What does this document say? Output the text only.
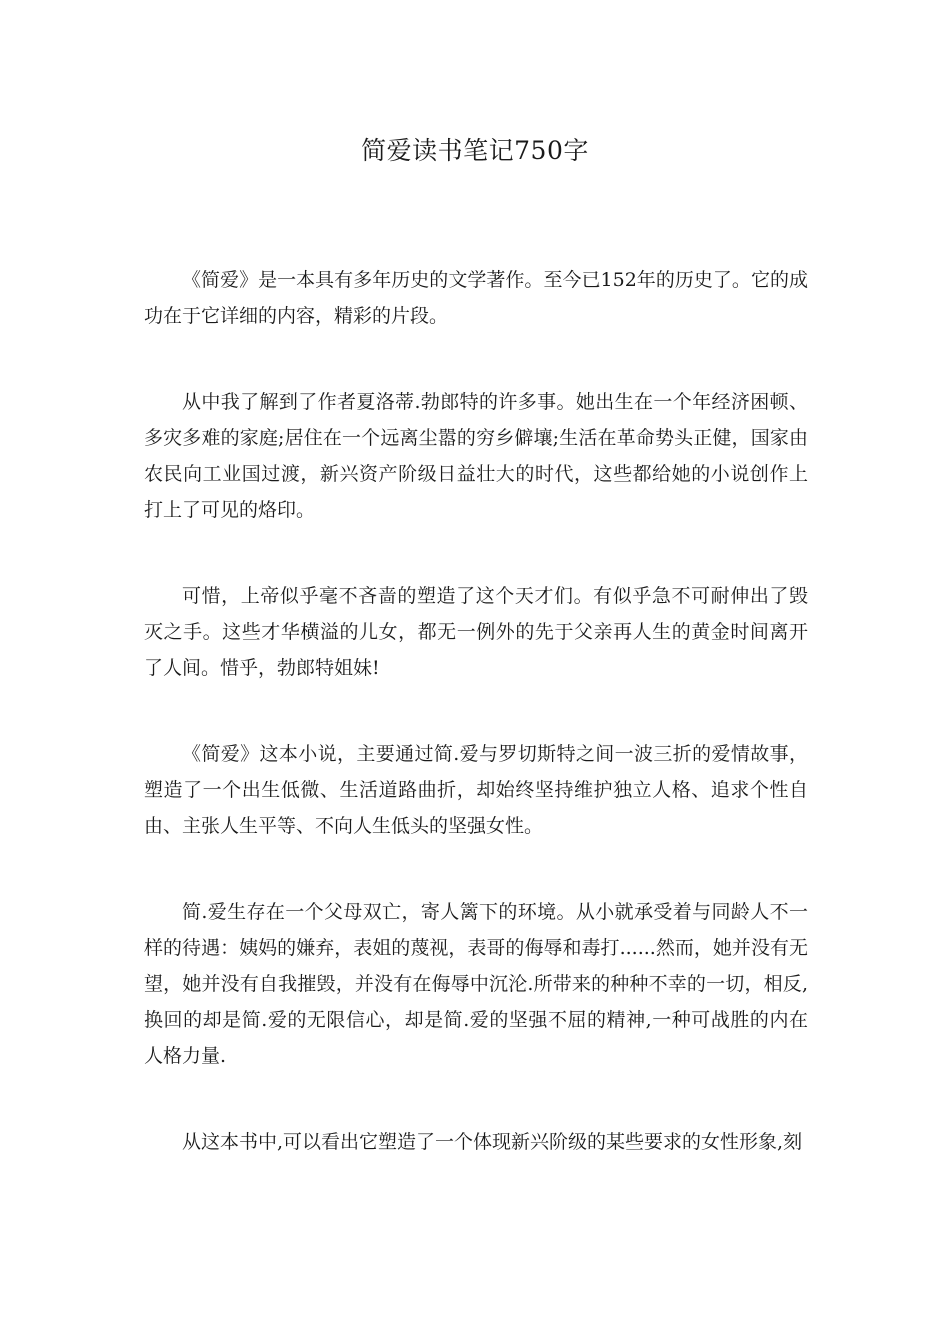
简爱读书笔记750字

《简爱》是一本具有多年历史的文学著作。至今已152年的历史了。它的成功在于它详细的内容，精彩的片段。

从中我了解到了作者夏洛蒂.勃郎特的许多事。她出生在一个年经济困顿、多灾多难的家庭;居住在一个远离尘嚣的穷乡僻壤;生活在革命势头正健，国家由农民向工业国过渡，新兴资产阶级日益壮大的时代，这些都给她的小说创作上打上了可见的烙印。

可惜，上帝似乎毫不吝啬的塑造了这个天才们。有似乎急不可耐伸出了毁灭之手。这些才华横溢的儿女，都无一例外的先于父亲再人生的黄金时间离开了人间。惜乎，勃郎特姐妹!

《简爱》这本小说，主要通过简.爱与罗切斯特之间一波三折的爱情故事，塑造了一个出生低微、生活道路曲折，却始终坚持维护独立人格、追求个性自由、主张人生平等、不向人生低头的坚强女性。

简.爱生存在一个父母双亡，寄人篱下的环境。从小就承受着与同龄人不一样的待遇：姨妈的嫌弃，表姐的蔑视，表哥的侮辱和毒打......然而，她并没有无望，她并没有自我摧毁，并没有在侮辱中沉沦.所带来的种种不幸的一切，相反,换回的却是简.爱的无限信心，却是简.爱的坚强不屈的精神,一种可战胜的内在人格力量.

从这本书中,可以看出它塑造了一个体现新兴阶级的某些要求的女性形象,刻
